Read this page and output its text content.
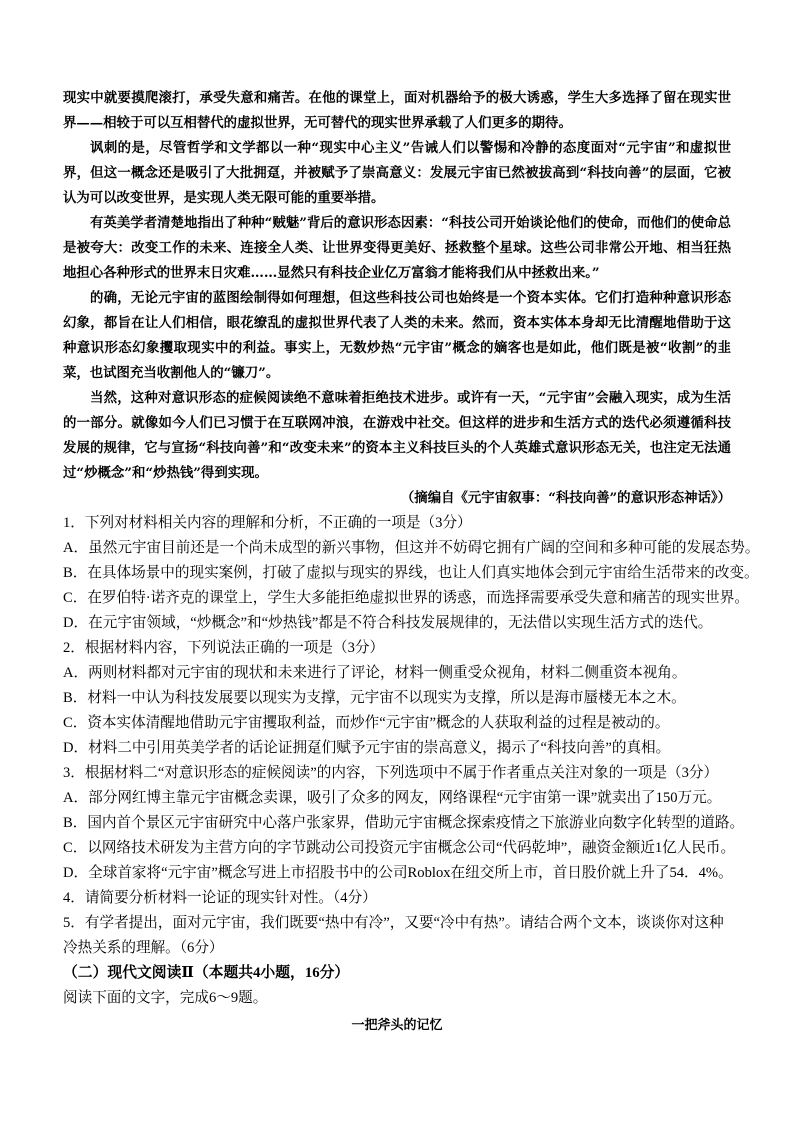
现实中就要摸爬滚打，承受失意和痛苦。在他的课堂上，面对机器给予的极大诱惑，学生大多选择了留在现实世界——相较于可以互相替代的虚拟世界，无可替代的现实世界承载了人们更多的期待。

讽刺的是，尽管哲学和文学都以一种“现实中心主义”告诫人们以警惕和冷静的态度面对“元宇宙”和虚拟世界，但这一概念还是吸引了大批拥趸，并被赋予了崇高意义：发展元宇宙已然被拔高到“科技向善”的层面，它被认为可以改变世界，是实现人类无限可能的重要举措。

有英美学者清楚地指出了种种“贼魅”背后的意识形态因素：“科技公司开始谈论他们的使命，而他们的使命总是被夸大：改变工作的未来、连接全人类、让世界变得更美好、拯救整个星球。这些公司非常公开地、相当狂热地担心各种形式的世界末日灾难……显然只有科技企业亿万富翁才能将我们从中拯救出来。”

的确，无论元宇宙的蓝图绘制得如何理想，但这些科技公司也始终是一个资本实体。它们打造种种意识形态幻象，都旨在让人们相信，眼花缭乱的虚拟世界代表了人类的未来。然而，资本实体本身却无比清醒地借助于这种意识形态幻象攫取现实中的利益。事实上，无数炒热“元宇宙”概念的嫡客也是如此，他们既是被“收割”的韭菜，也试图充当收割他人的“镰刀”。

当然，这种对意识形态的症候阅读绝不意味着拒绝技术进步。或许有一天，“元宇宙”会融入现实，成为生活的一部分。就像如今人们已习惯于在互联网冲浪，在游戏中社交。但这样的进步和生活方式的迭代必须遵循科技发展的规律，它与宣扬“科技向善”和“改变未来”的资本主义科技巨头的个人英雄式意识形态无关，也注定无法通过“炒概念”和“炒热钱”得到实现。

（摘编自《元宇宙叙事：“科技向善”的意识形态神话》）

1．下列对材料相关内容的理解和分析，不正确的一项是（3分）

A．虽然元宇宙目前还是一个尚未成型的新兴事物，但这并不妨碍它拥有广阔的空间和多种可能的发展态势。

B．在具体场景中的现实案例，打破了虚拟与现实的界线，也让人们真实地体会到元宇宙给生活带来的改变。

C．在罗伯特·诺齐克的课堂上，学生大多能拒绝虚拟世界的诱惑，而选择需要承受失意和痛苦的现实世界。

D．在元宇宙领域，“炒概念”和“炒热钱”都是不符合科技发展规律的，无法借以实现生活方式的迭代。

2．根据材料内容，下列说法正确的一项是（3分）

A．两则材料都对元宇宙的现状和未来进行了评论，材料一侧重受众视角，材料二侧重资本视角。

B．材料一中认为科技发展要以现实为支撑，元宇宙不以现实为支撑，所以是海市蜃楼无本之木。

C．资本实体清醒地借助元宇宙攫取利益，而炒作“元宇宙”概念的人获取利益的过程是被动的。

D．材料二中引用英美学者的话论证拥趸们赋予元宇宙的崇高意义，揭示了“科技向善”的真相。

3．根据材料二“对意识形态的症候阅读”的内容，下列选项中不属于作者重点关注对象的一项是（3分）

A．部分网红博主靠元宇宙概念卖课，吸引了众多的网友，网络课程“元宇宙第一课”就卖出了150万元。

B．国内首个景区元宇宙研究中心落户张家界，借助元宇宙概念探索疫情之下旅游业向数字化转型的道路。

C．以网络技术研发为主营方向的字节跳动公司投资元宇宙概念公司“代码乾坤”，融资金额近1亿人民币。

D．全球首家将“元宇宙”概念写进上市招股书中的公司Roblox在纽交所上市，首日股价就上升了54．4%。

4．请简要分析材料一论证的现实针对性。（4分）

5．有学者提出，面对元宇宙，我们既要“热中有冷”，又要“冷中有热”。请结合两个文本，谈谈你对这种冷热关系的理解。（6分）

（二）现代文阅读Ⅱ（本题共4小题，16分）

阅读下面的文字，完成6～9题。

一把斧头的记忆
